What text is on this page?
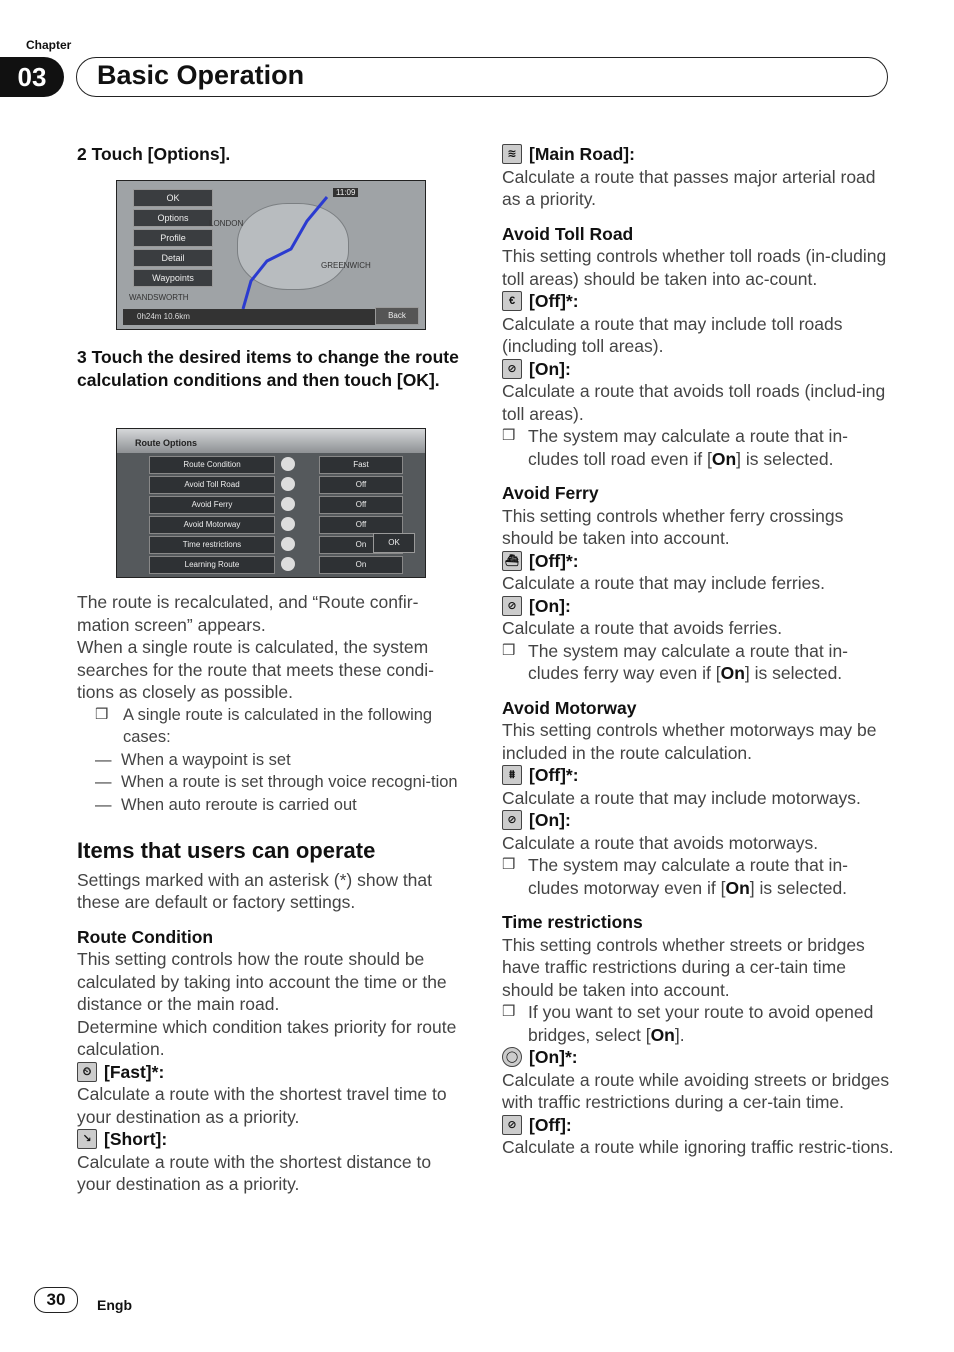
Chapter
03	Basic Operation

2 Touch [Options].

OK
Options
Profile
Detail
Waypoints
LONDON
GREENWICH
WANDSWORTH
11:09
0h24m 10.6km	Back

3 Touch the desired items to change the route calculation conditions and then touch [OK].

Route Options
Route Condition	Fast
Avoid Toll Road	Off
Avoid Ferry	Off
Avoid Motorway	Off
Time restrictions	On
Learning Route	On
OK

The route is recalculated, and “Route confir-mation screen” appears.

When a single route is calculated, the system searches for the route that meets these condi-tions as closely as possible.

❒ A single route is calculated in the following cases:
— When a waypoint is set
— When a route is set through voice recogni-tion
— When auto reroute is carried out

Items that users can operate

Settings marked with an asterisk (*) show that these are default or factory settings.

Route Condition

This setting controls how the route should be calculated by taking into account the time or the distance or the main road.

Determine which condition takes priority for route calculation.

⏲ [Fast]*:

Calculate a route with the shortest travel time to your destination as a priority.

↘ [Short]:

Calculate a route with the shortest distance to your destination as a priority.

≋ [Main Road]:

Calculate a route that passes major arterial road as a priority.

Avoid Toll Road

This setting controls whether toll roads (in-cluding toll areas) should be taken into ac-count.

€ [Off]*:

Calculate a route that may include toll roads (including toll areas).

⊘ [On]:

Calculate a route that avoids toll roads (includ-ing toll areas).

❒ The system may calculate a route that in-cludes toll road even if [On] is selected.

Avoid Ferry

This setting controls whether ferry crossings should be taken into account.

⛴ [Off]*:

Calculate a route that may include ferries.

⊘ [On]:

Calculate a route that avoids ferries.

❒ The system may calculate a route that in-cludes ferry way even if [On] is selected.

Avoid Motorway

This setting controls whether motorways may be included in the route calculation.

⩩ [Off]*:

Calculate a route that may include motorways.

⊘ [On]:

Calculate a route that avoids motorways.

❒ The system may calculate a route that in-cludes motorway even if [On] is selected.

Time restrictions

This setting controls whether streets or bridges have traffic restrictions during a cer-tain time should be taken into account.

❒ If you want to set your route to avoid opened bridges, select [On].
◯ [On]*:

Calculate a route while avoiding streets or bridges with traffic restrictions during a cer-tain time.

⊘ [Off]:

Calculate a route while ignoring traffic restric-tions.

30	Engb
